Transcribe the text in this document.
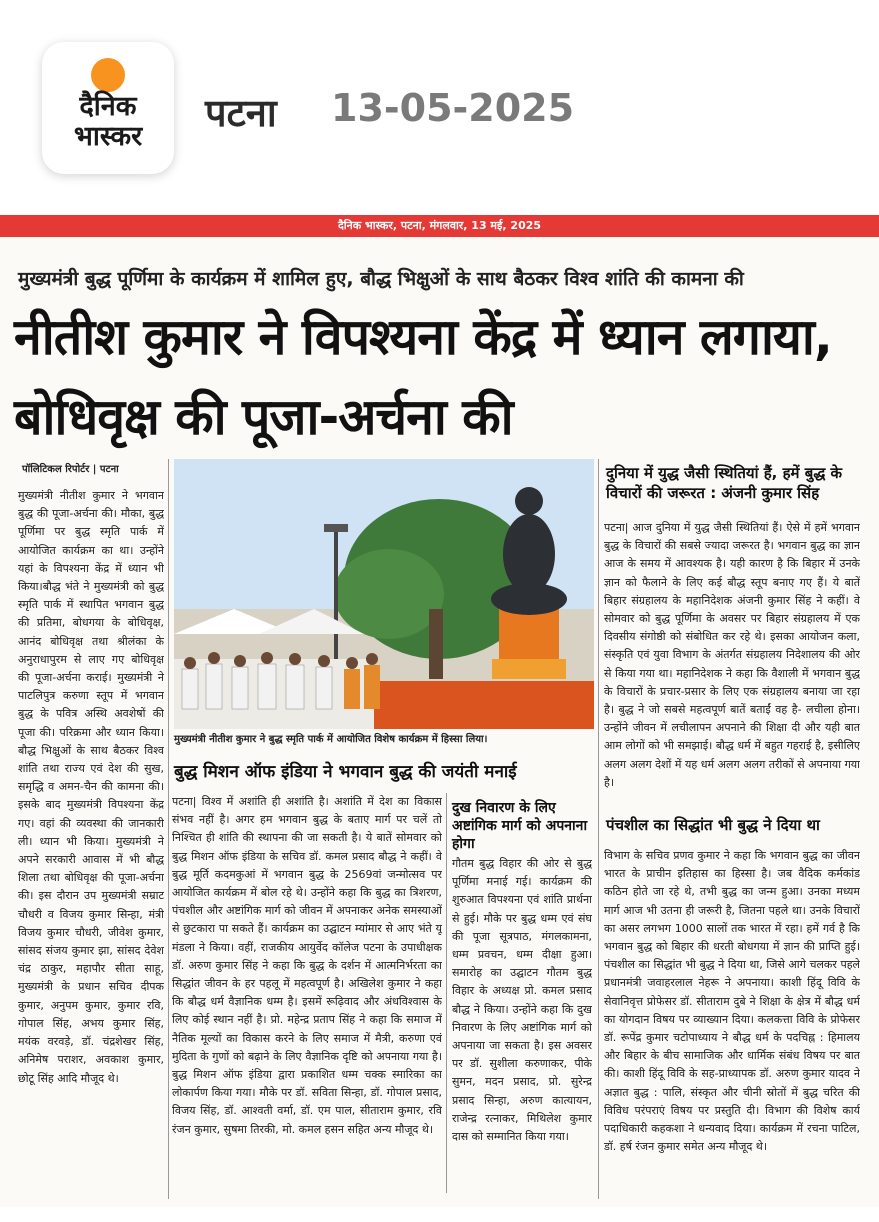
दैनिक
भास्कर
पटना 13-05-2025
दैनिक भास्कर, पटना, मंगलवार, 13 मई, 2025
मुख्यमंत्री बुद्ध पूर्णिमा के कार्यक्रम में शामिल हुए, बौद्ध भिक्षुओं के साथ बैठकर विश्व शांति की कामना की
नीतीश कुमार ने विपश्यना केंद्र में ध्यान लगाया, बोधिवृक्ष की पूजा-अर्चना की
पॉलिटिकल रिपोर्टर | पटना
मुख्यमंत्री नीतीश कुमार ने भगवान बुद्ध की पूजा-अर्चना की। मौका, बुद्ध पूर्णिमा पर बुद्ध स्मृति पार्क में आयोजित कार्यक्रम का था। उन्होंने यहां के विपश्यना केंद्र में ध्यान भी किया।बौद्ध भंते ने मुख्यमंत्री को बुद्ध स्मृति पार्क में स्थापित भगवान बुद्ध की प्रतिमा, बोधगया के बोधिवृक्ष, आनंद बोधिवृक्ष तथा श्रीलंका के अनुराधापुरम से लाए गए बोधिवृक्ष की पूजा-अर्चना कराई। मुख्यमंत्री ने पाटलिपुत्र करुणा स्तूप में भगवान बुद्ध के पवित्र अस्थि अवशेषों की पूजा की। परिक्रमा और ध्यान किया। बौद्ध भिक्षुओं के साथ बैठकर विश्व शांति तथा राज्य एवं देश की सुख, समृद्धि व अमन-चैन की कामना की। इसके बाद मुख्यमंत्री विपश्यना केंद्र गए। वहां की व्यवस्था की जानकारी ली। ध्यान भी किया। मुख्यमंत्री ने अपने सरकारी आवास में भी बौद्ध शिला तथा बोधिवृक्ष की पूजा-अर्चना की। इस दौरान उप मुख्यमंत्री सम्राट चौधरी व विजय कुमार सिन्हा, मंत्री विजय कुमार चौधरी, जीवेश कुमार, सांसद संजय कुमार झा, सांसद देवेश चंद्र ठाकुर, महापौर सीता साहू, मुख्यमंत्री के प्रधान सचिव दीपक कुमार, अनुपम कुमार, कुमार रवि, गोपाल सिंह, अभय कुमार सिंह, मयंक वरवड़े, डॉ. चंद्रशेखर सिंह, अनिमेष पराशर, अवकाश कुमार, छोटू सिंह आदि मौजूद थे।
मुख्यमंत्री नीतीश कुमार ने बुद्ध स्मृति पार्क में आयोजित विशेष कार्यक्रम में हिस्सा लिया।
बुद्ध मिशन ऑफ इंडिया ने भगवान बुद्ध की जयंती मनाई
पटना| विश्व में अशांति ही अशांति है। अशांति में देश का विकास संभव नहीं है। अगर हम भगवान बुद्ध के बताए मार्ग पर चलें तो निश्चित ही शांति की स्थापना की जा सकती है। ये बातें सोमवार को बुद्ध मिशन ऑफ इंडिया के सचिव डॉ. कमल प्रसाद बौद्ध ने कहीं। वे बुद्ध मूर्ति कदमकुआं में भगवान बुद्ध के 2569वां जन्मोत्सव पर आयोजित कार्यक्रम में बोल रहे थे। उन्होंने कहा कि बुद्ध का त्रिशरण, पंचशील और अष्टांगिक मार्ग को जीवन में अपनाकर अनेक समस्याओं से छुटकारा पा सकते हैं। कार्यक्रम का उद्घाटन म्यांमार से आए भंते यू मंडला ने किया। वहीं, राजकीय आयुर्वेद कॉलेज पटना के उपाधीक्षक डॉ. अरुण कुमार सिंह ने कहा कि बुद्ध के दर्शन में आत्मनिर्भरता का सिद्धांत जीवन के हर पहलू में महत्वपूर्ण है। अखिलेश कुमार ने कहा कि बौद्ध धर्म वैज्ञानिक धम्म है। इसमें रूढ़िवाद और अंधविश्वास के लिए कोई स्थान नहीं है। प्रो. महेन्द्र प्रताप सिंह ने कहा कि समाज में नैतिक मूल्यों का विकास करने के लिए समाज में मैत्री, करुणा एवं मुदिता के गुणों को बढ़ाने के लिए वैज्ञानिक दृष्टि को अपनाया गया है। बुद्ध मिशन ऑफ इंडिया द्वारा प्रकाशित धम्म चक्क स्मारिका का लोकार्पण किया गया। मौके पर डॉ. सविता सिन्हा, डॉ. गोपाल प्रसाद, विजय सिंह, डॉ. आश्वती वर्मा, डॉ. एम पाल, सीताराम कुमार, रवि रंजन कुमार, सुषमा तिरकी, मो. कमल हसन सहित अन्य मौजूद थे।
दुख निवारण के लिए अष्टांगिक मार्ग को अपनाना होगा
गौतम बुद्ध विहार की ओर से बुद्ध पूर्णिमा मनाई गई। कार्यक्रम की शुरुआत विपश्यना एवं शांति प्रार्थना से हुई। मौके पर बुद्ध धम्म एवं संघ की पूजा सूत्रपाठ, मंगलकामना, धम्म प्रवचन, धम्म दीक्षा हुआ। समारोह का उद्घाटन गौतम बुद्ध विहार के अध्यक्ष प्रो. कमल प्रसाद बौद्ध ने किया। उन्होंने कहा कि दुख निवारण के लिए अष्टांगिक मार्ग को अपनाया जा सकता है। इस अवसर पर डॉ. सुशीला करुणाकर, पीके सुमन, मदन प्रसाद, प्रो. सुरेन्द्र प्रसाद सिन्हा, अरुण कात्यायन, राजेन्द्र रत्नाकर, मिथिलेश कुमार दास को सम्मानित किया गया।
दुनिया में युद्ध जैसी स्थितियां हैं, हमें बुद्ध के विचारों की जरूरत : अंजनी कुमार सिंह
पटना| आज दुनिया में युद्ध जैसी स्थितियां हैं। ऐसे में हमें भगवान बुद्ध के विचारों की सबसे ज्यादा जरूरत है। भगवान बुद्ध का ज्ञान आज के समय में आवश्यक है। यही कारण है कि बिहार में उनके ज्ञान को फैलाने के लिए कई बौद्ध स्तूप बनाए गए हैं। ये बातें बिहार संग्रहालय के महानिदेशक अंजनी कुमार सिंह ने कहीं। वे सोमवार को बुद्ध पूर्णिमा के अवसर पर बिहार संग्रहालय में एक दिवसीय संगोष्ठी को संबोधित कर रहे थे। इसका आयोजन कला, संस्कृति एवं युवा विभाग के अंतर्गत संग्रहालय निदेशालय की ओर से किया गया था। महानिदेशक ने कहा कि वैशाली में भगवान बुद्ध के विचारों के प्रचार-प्रसार के लिए एक संग्रहालय बनाया जा रहा है। बुद्ध ने जो सबसे महत्वपूर्ण बातें बताईं वह है- लचीला होना। उन्होंने जीवन में लचीलापन अपनाने की शिक्षा दी और यही बात आम लोगों को भी समझाई। बौद्ध धर्म में बहुत गहराई है, इसीलिए अलग अलग देशों में यह धर्म अलग अलग तरीकों से अपनाया गया है।
पंचशील का सिद्धांत भी बुद्ध ने दिया था
विभाग के सचिव प्रणव कुमार ने कहा कि भगवान बुद्ध का जीवन भारत के प्राचीन इतिहास का हिस्सा है। जब वैदिक कर्मकांड कठिन होते जा रहे थे, तभी बुद्ध का जन्म हुआ। उनका मध्यम मार्ग आज भी उतना ही जरूरी है, जितना पहले था। उनके विचारों का असर लगभग 1000 सालों तक भारत में रहा। हमें गर्व है कि भगवान बुद्ध को बिहार की धरती बोधगया में ज्ञान की प्राप्ति हुई। पंचशील का सिद्धांत भी बुद्ध ने दिया था, जिसे आगे चलकर पहले प्रधानमंत्री जवाहरलाल नेहरू ने अपनाया। काशी हिंदू विवि के सेवानिवृत्त प्रोफेसर डॉ. सीताराम दुबे ने शिक्षा के क्षेत्र में बौद्ध धर्म का योगदान विषय पर व्याख्यान दिया। कलकत्ता विवि के प्रोफेसर डॉ. रूपेंद्र कुमार चटोपाध्याय ने बौद्ध धर्म के पदचिह्न : हिमालय और बिहार के बीच सामाजिक और धार्मिक संबंध विषय पर बात की। काशी हिंदू विवि के सह-प्राध्यापक डॉ. अरुण कुमार यादव ने अज्ञात बुद्ध : पालि, संस्कृत और चीनी स्रोतों में बुद्ध चरित की विविध परंपराएं विषय पर प्रस्तुति दी। विभाग की विशेष कार्य पदाधिकारी कहकशा ने धन्यवाद दिया। कार्यक्रम में रचना पाटिल, डॉ. हर्ष रंजन कुमार समेत अन्य मौजूद थे।
